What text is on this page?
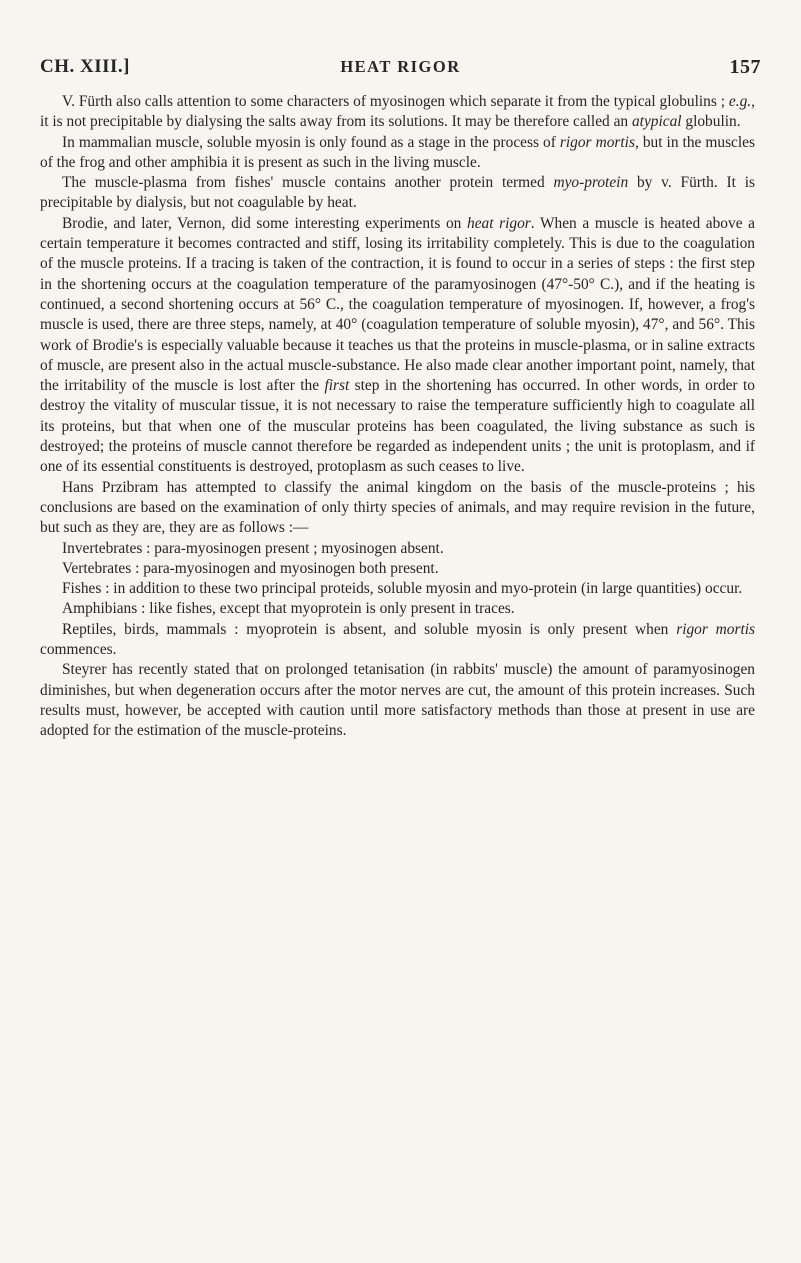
CH. XIII.]	HEAT RIGOR	157

V. Fürth also calls attention to some characters of myosinogen which separate it from the typical globulins ; e.g., it is not precipitable by dialysing the salts away from its solutions. It may be therefore called an atypical globulin.

In mammalian muscle, soluble myosin is only found as a stage in the process of rigor mortis, but in the muscles of the frog and other amphibia it is present as such in the living muscle.

The muscle-plasma from fishes' muscle contains another protein termed myo-protein by v. Fürth. It is precipitable by dialysis, but not coagulable by heat.

Brodie, and later, Vernon, did some interesting experiments on heat rigor. When a muscle is heated above a certain temperature it becomes contracted and stiff, losing its irritability completely. This is due to the coagulation of the muscle proteins. If a tracing is taken of the contraction, it is found to occur in a series of steps : the first step in the shortening occurs at the coagulation temperature of the paramyosinogen (47°-50° C.), and if the heating is continued, a second shortening occurs at 56° C., the coagulation temperature of myosinogen. If, however, a frog's muscle is used, there are three steps, namely, at 40° (coagulation temperature of soluble myosin), 47°, and 56°. This work of Brodie's is especially valuable because it teaches us that the proteins in muscle-plasma, or in saline extracts of muscle, are present also in the actual muscle-substance. He also made clear another important point, namely, that the irritability of the muscle is lost after the first step in the shortening has occurred. In other words, in order to destroy the vitality of muscular tissue, it is not necessary to raise the temperature sufficiently high to coagulate all its proteins, but that when one of the muscular proteins has been coagulated, the living substance as such is destroyed; the proteins of muscle cannot therefore be regarded as independent units ; the unit is protoplasm, and if one of its essential constituents is destroyed, protoplasm as such ceases to live.

Hans Przibram has attempted to classify the animal kingdom on the basis of the muscle-proteins ; his conclusions are based on the examination of only thirty species of animals, and may require revision in the future, but such as they are, they are as follows :—

Invertebrates : para-myosinogen present ; myosinogen absent.

Vertebrates : para-myosinogen and myosinogen both present.

Fishes : in addition to these two principal proteids, soluble myosin and myo-protein (in large quantities) occur.

Amphibians : like fishes, except that myoprotein is only present in traces.

Reptiles, birds, mammals : myoprotein is absent, and soluble myosin is only present when rigor mortis commences.

Steyrer has recently stated that on prolonged tetanisation (in rabbits' muscle) the amount of paramyosinogen diminishes, but when degeneration occurs after the motor nerves are cut, the amount of this protein increases. Such results must, however, be accepted with caution until more satisfactory methods than those at present in use are adopted for the estimation of the muscle-proteins.
